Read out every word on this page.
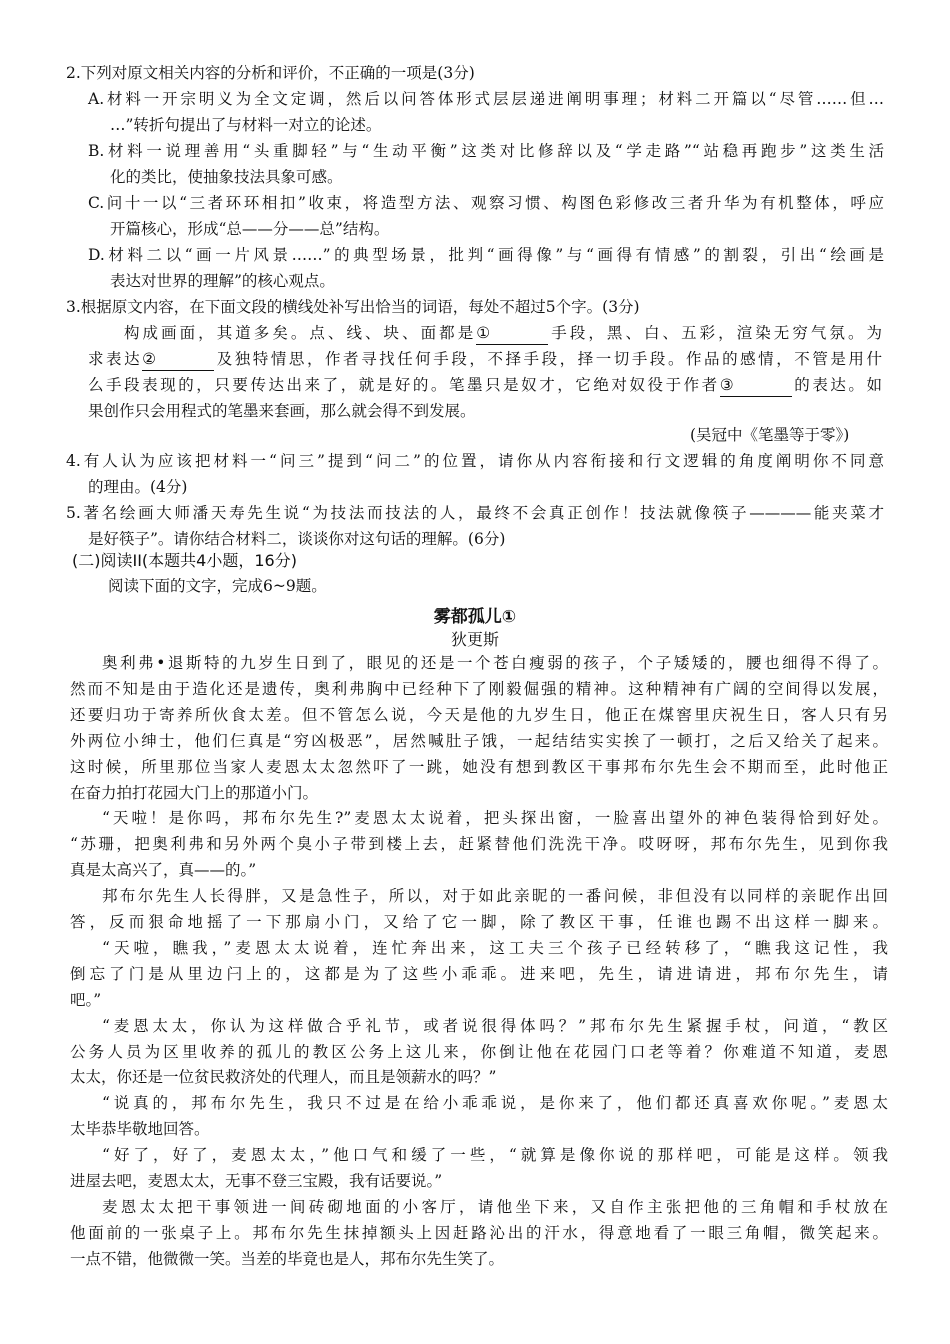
2.下列对原文相关内容的分析和评价，不正确的一项是(3分)
A.材料一开宗明义为全文定调，然后以问答体形式层层递进阐明事理；材料二开篇以“尽管……但…
…”转折句提出了与材料一对立的论述。
B.材料一说理善用“头重脚轻”与“生动平衡”这类对比修辞以及“学走路”“站稳再跑步”这类生活
化的类比，使抽象技法具象可感。
C.问十一以“三者环环相扣”收束，将造型方法、观察习惯、构图色彩修改三者升华为有机整体，呼应
开篇核心，形成“总——分——总”结构。
D.材料二以“画一片风景……”的典型场景，批判“画得像”与“画得有情感”的割裂，引出“绘画是
表达对世界的理解”的核心观点。
3.根据原文内容，在下面文段的横线处补写出恰当的词语，每处不超过5个字。(3分)
构成画面，其道多矣。点、线、块、面都是①	手段，黑、白、五彩，渲染无穷气氛。为
求表达②	及独特情思，作者寻找任何手段，不择手段，择一切手段。作品的感情，不管是用什
么手段表现的，只要传达出来了，就是好的。笔墨只是奴才，它绝对奴役于作者③	的表达。如
果创作只会用程式的笔墨来套画，那么就会得不到发展。
(吴冠中《笔墨等于零》)
4.有人认为应该把材料一“问三”提到“问二”的位置，请你从内容衔接和行文逻辑的角度阐明你不同意
的理由。(4分)
5.著名绘画大师潘天寿先生说“为技法而技法的人，最终不会真正创作！技法就像筷子————能夹菜才
是好筷子”。请你结合材料二，谈谈你对这句话的理解。(6分)
(二)阅读II(本题共4小题，16分)
阅读下面的文字，完成6~9题。
雾都孤儿①
狄更斯
奥利弗•退斯特的九岁生日到了，眼见的还是一个苍白瘦弱的孩子，个子矮矮的，腰也细得不得了。
然而不知是由于造化还是遗传，奥利弗胸中已经种下了刚毅倔强的精神。这种精神有广阔的空间得以发展，
还要归功于寄养所伙食太差。但不管怎么说，今天是他的九岁生日，他正在煤窖里庆祝生日，客人只有另
外两位小绅士，他们仨真是“穷凶极恶”，居然喊肚子饿，一起结结实实挨了一顿打，之后又给关了起来。
这时候，所里那位当家人麦恩太太忽然吓了一跳，她没有想到教区干事邦布尔先生会不期而至，此时他正
在奋力拍打花园大门上的那道小门。
“天啦！是你吗，邦布尔先生?”麦恩太太说着，把头探出窗，一脸喜出望外的神色装得恰到好处。
“苏珊，把奥利弗和另外两个臭小子带到楼上去，赶紧替他们洗洗干净。哎呀呀，邦布尔先生，见到你我
真是太高兴了，真——的。”
邦布尔先生人长得胖，又是急性子，所以，对于如此亲昵的一番问候，非但没有以同样的亲昵作出回
答，反而狠命地摇了一下那扇小门，又给了它一脚，除了教区干事，任谁也踢不出这样一脚来。
“天啦，瞧我，”麦恩太太说着，连忙奔出来，这工夫三个孩子已经转移了，“瞧我这记性，我
倒忘了门是从里边闩上的，这都是为了这些小乖乖。进来吧，先生，请进请进，邦布尔先生，请
吧。”
“麦恩太太，你认为这样做合乎礼节，或者说很得体吗？”邦布尔先生紧握手杖，问道，“教区
公务人员为区里收养的孤儿的教区公务上这儿来，你倒让他在花园门口老等着？你难道不知道，麦恩
太太，你还是一位贫民救济处的代理人，而且是领薪水的吗？”
“说真的，邦布尔先生，我只不过是在给小乖乖说，是你来了，他们都还真喜欢你呢。”麦恩太
太毕恭毕敬地回答。
“好了，好了，麦恩太太，”他口气和缓了一些，“就算是像你说的那样吧，可能是这样。领我
进屋去吧，麦恩太太，无事不登三宝殿，我有话要说。”
麦恩太太把干事领进一间砖砌地面的小客厅，请他坐下来，又自作主张把他的三角帽和手杖放在
他面前的一张桌子上。邦布尔先生抹掉额头上因赶路沁出的汗水，得意地看了一眼三角帽，微笑起来。
一点不错，他微微一笑。当差的毕竟也是人，邦布尔先生笑了。
